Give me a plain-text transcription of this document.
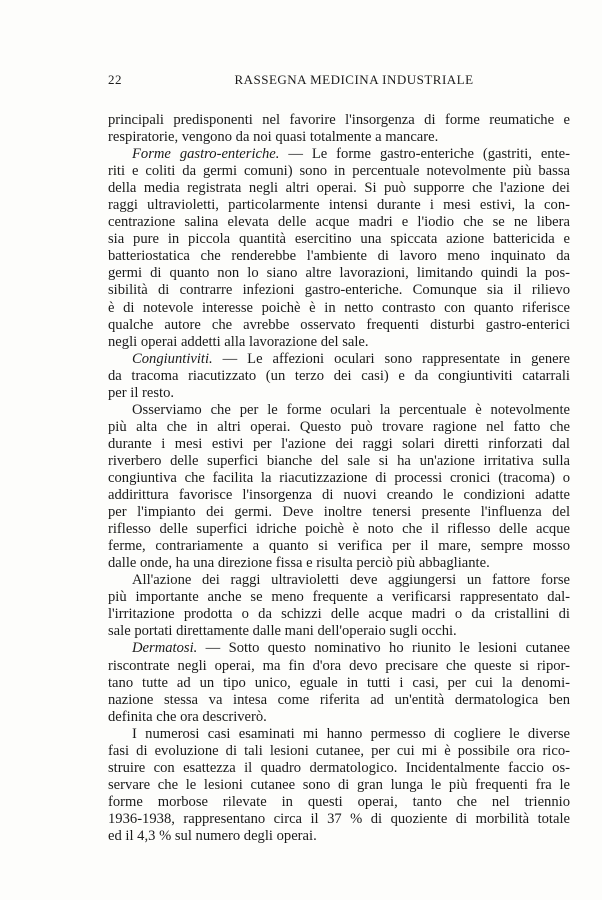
22	RASSEGNA MEDICINA INDUSTRIALE
principali predisponenti nel favorire l'insorgenza di forme reumatiche e
respiratorie, vengono da noi quasi totalmente a mancare.
Forme gastro-enteriche. — Le forme gastro-enteriche (gastriti, ente-
riti e coliti da germi comuni) sono in percentuale notevolmente più bassa
della media registrata negli altri operai. Si può supporre che l'azione dei
raggi ultravioletti, particolarmente intensi durante i mesi estivi, la con-
centrazione salina elevata delle acque madri e l'iodio che se ne libera
sia pure in piccola quantità esercitino una spiccata azione battericida e
batteriostatica che renderebbe l'ambiente di lavoro meno inquinato da
germi di quanto non lo siano altre lavorazioni, limitando quindi la pos-
sibilità di contrarre infezioni gastro-enteriche. Comunque sia il rilievo
è di notevole interesse poichè è in netto contrasto con quanto riferisce
qualche autore che avrebbe osservato frequenti disturbi gastro-enterici
negli operai addetti alla lavorazione del sale.
Congiuntiviti. — Le affezioni oculari sono rappresentate in genere
da tracoma riacutizzato (un terzo dei casi) e da congiuntiviti catarrali
per il resto.
Osserviamo che per le forme oculari la percentuale è notevolmente
più alta che in altri operai. Questo può trovare ragione nel fatto che
durante i mesi estivi per l'azione dei raggi solari diretti rinforzati dal
riverbero delle superfici bianche del sale si ha un'azione irritativa sulla
congiuntiva che facilita la riacutizzazione di processi cronici (tracoma) o
addirittura favorisce l'insorgenza di nuovi creando le condizioni adatte
per l'impianto dei germi. Deve inoltre tenersi presente l'influenza del
riflesso delle superfici idriche poichè è noto che il riflesso delle acque
ferme, contrariamente a quanto si verifica per il mare, sempre mosso
dalle onde, ha una direzione fissa e risulta perciò più abbagliante.
All'azione dei raggi ultravioletti deve aggiungersi un fattore forse
più importante anche se meno frequente a verificarsi rappresentato dal-
l'irritazione prodotta o da schizzi delle acque madri o da cristallini di
sale portati direttamente dalle mani dell'operaio sugli occhi.
Dermatosi. — Sotto questo nominativo ho riunito le lesioni cutanee
riscontrate negli operai, ma fin d'ora devo precisare che queste si ripor-
tano tutte ad un tipo unico, eguale in tutti i casi, per cui la denomi-
nazione stessa va intesa come riferita ad un'entità dermatologica ben
definita che ora descriverò.
I numerosi casi esaminati mi hanno permesso di cogliere le diverse
fasi di evoluzione di tali lesioni cutanee, per cui mi è possibile ora rico-
struire con esattezza il quadro dermatologico. Incidentalmente faccio os-
servare che le lesioni cutanee sono di gran lunga le più frequenti fra le
forme morbose rilevate in questi operai, tanto che nel triennio
1936-1938, rappresentano circa il 37 % di quoziente di morbilità totale
ed il 4,3 % sul numero degli operai.
